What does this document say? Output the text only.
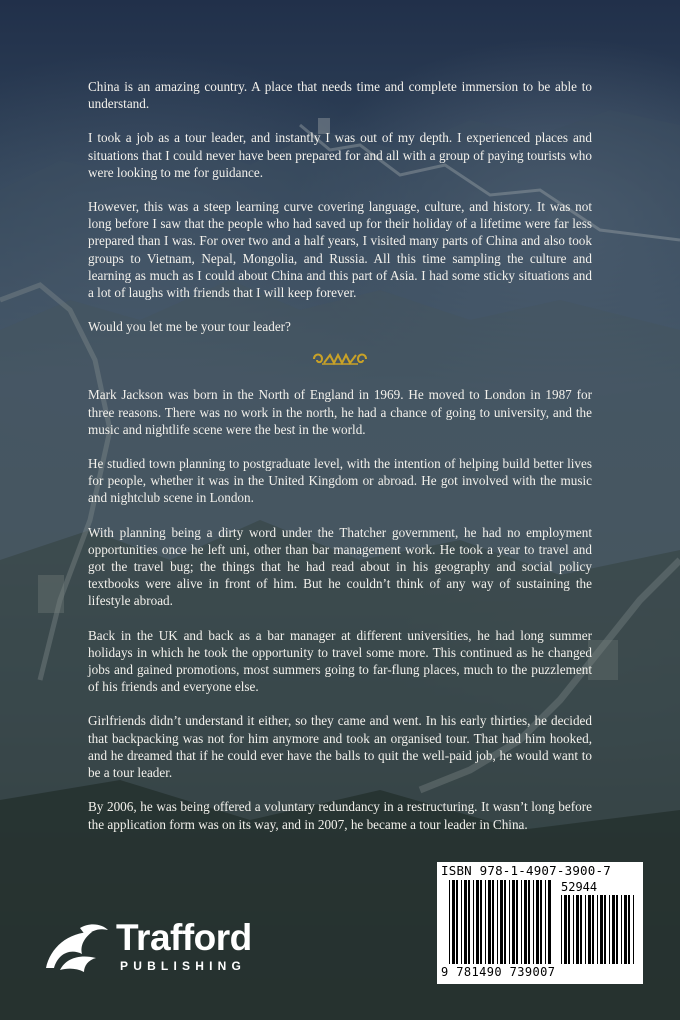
China is an amazing country. A place that needs time and complete immersion to be able to understand.

I took a job as a tour leader, and instantly I was out of my depth. I experienced places and situations that I could never have been prepared for and all with a group of paying tourists who were looking to me for guidance.

However, this was a steep learning curve covering language, culture, and history. It was not long before I saw that the people who had saved up for their holiday of a lifetime were far less prepared than I was. For over two and a half years, I visited many parts of China and also took groups to Vietnam, Nepal, Mongolia, and Russia. All this time sampling the culture and learning as much as I could about China and this part of Asia. I had some sticky situations and a lot of laughs with friends that I will keep forever.

Would you let me be your tour leader?

Mark Jackson was born in the North of England in 1969. He moved to London in 1987 for three reasons. There was no work in the north, he had a chance of going to university, and the music and nightlife scene were the best in the world.

He studied town planning to postgraduate level, with the intention of helping build better lives for people, whether it was in the United Kingdom or abroad. He got involved with the music and nightclub scene in London.

With planning being a dirty word under the Thatcher government, he had no employment opportunities once he left uni, other than bar management work. He took a year to travel and got the travel bug; the things that he had read about in his geography and social policy textbooks were alive in front of him. But he couldn’t think of any way of sustaining the lifestyle abroad.

Back in the UK and back as a bar manager at different universities, he had long summer holidays in which he took the opportunity to travel some more. This continued as he changed jobs and gained promotions, most summers going to far-flung places, much to the puzzlement of his friends and everyone else.

Girlfriends didn’t understand it either, so they came and went. In his early thirties, he decided that backpacking was not for him anymore and took an organised tour. That had him hooked, and he dreamed that if he could ever have the balls to quit the well-paid job, he would want to be a tour leader.

By 2006, he was being offered a voluntary redundancy in a restructuring. It wasn’t long before the application form was on its way, and in 2007, he became a tour leader in China.

ISBN 978-1-4907-3900-7
52944
9 781490 739007
Trafford
PUBLISHING
